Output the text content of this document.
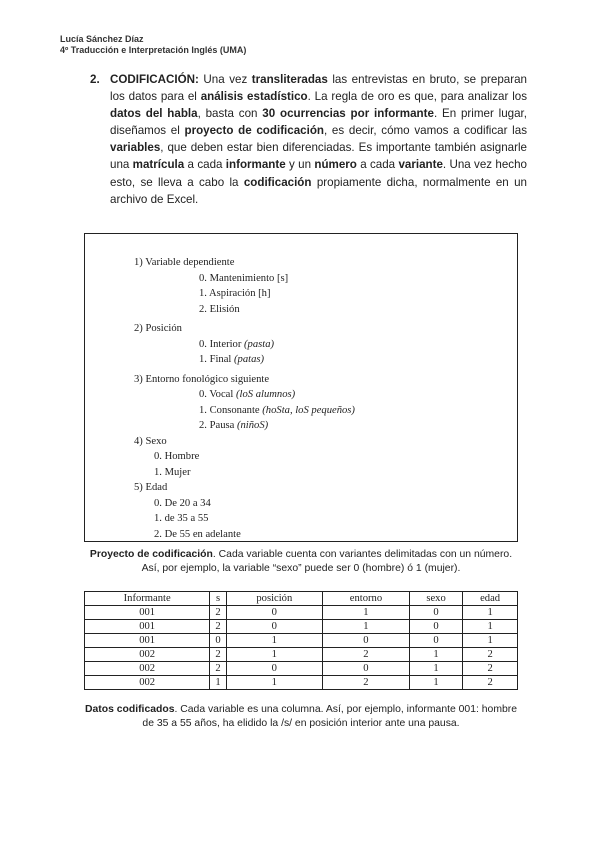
Lucía Sánchez Díaz
4º Traducción e Interpretación Inglés (UMA)
2. CODIFICACIÓN: Una vez transliteradas las entrevistas en bruto, se preparan los datos para el análisis estadístico. La regla de oro es que, para analizar los datos del habla, basta con 30 ocurrencias por informante. En primer lugar, diseñamos el proyecto de codificación, es decir, cómo vamos a codificar las variables, que deben estar bien diferenciadas. Es importante también asignarle una matrícula a cada informante y un número a cada variante. Una vez hecho esto, se lleva a cabo la codificación propiamente dicha, normalmente en un archivo de Excel.
1) Variable dependiente
0. Mantenimiento [s]
1. Aspiración [h]
2. Elisión
2) Posición
0. Interior (pasta)
1. Final (patas)
3) Entorno fonológico siguiente
0. Vocal (loS alumnos)
1. Consonante (hoSta, loS pequeños)
2. Pausa (niñoS)
4) Sexo
0. Hombre
1. Mujer
5) Edad
0. De 20 a 34
1. de 35 a 55
2. De 55 en adelante
Proyecto de codificación. Cada variable cuenta con variantes delimitadas con un número. Así, por ejemplo, la variable “sexo” puede ser 0 (hombre) ó 1 (mujer).
Informante	s	posición	entorno	sexo	edad
001	2	0	1	0	1
001	2	0	1	0	1
001	0	1	0	0	1
002	2	1	2	1	2
002	2	0	0	1	2
002	1	1	2	1	2
Datos codificados. Cada variable es una columna. Así, por ejemplo, informante 001: hombre de 35 a 55 años, ha elidido la /s/ en posición interior ante una pausa.
